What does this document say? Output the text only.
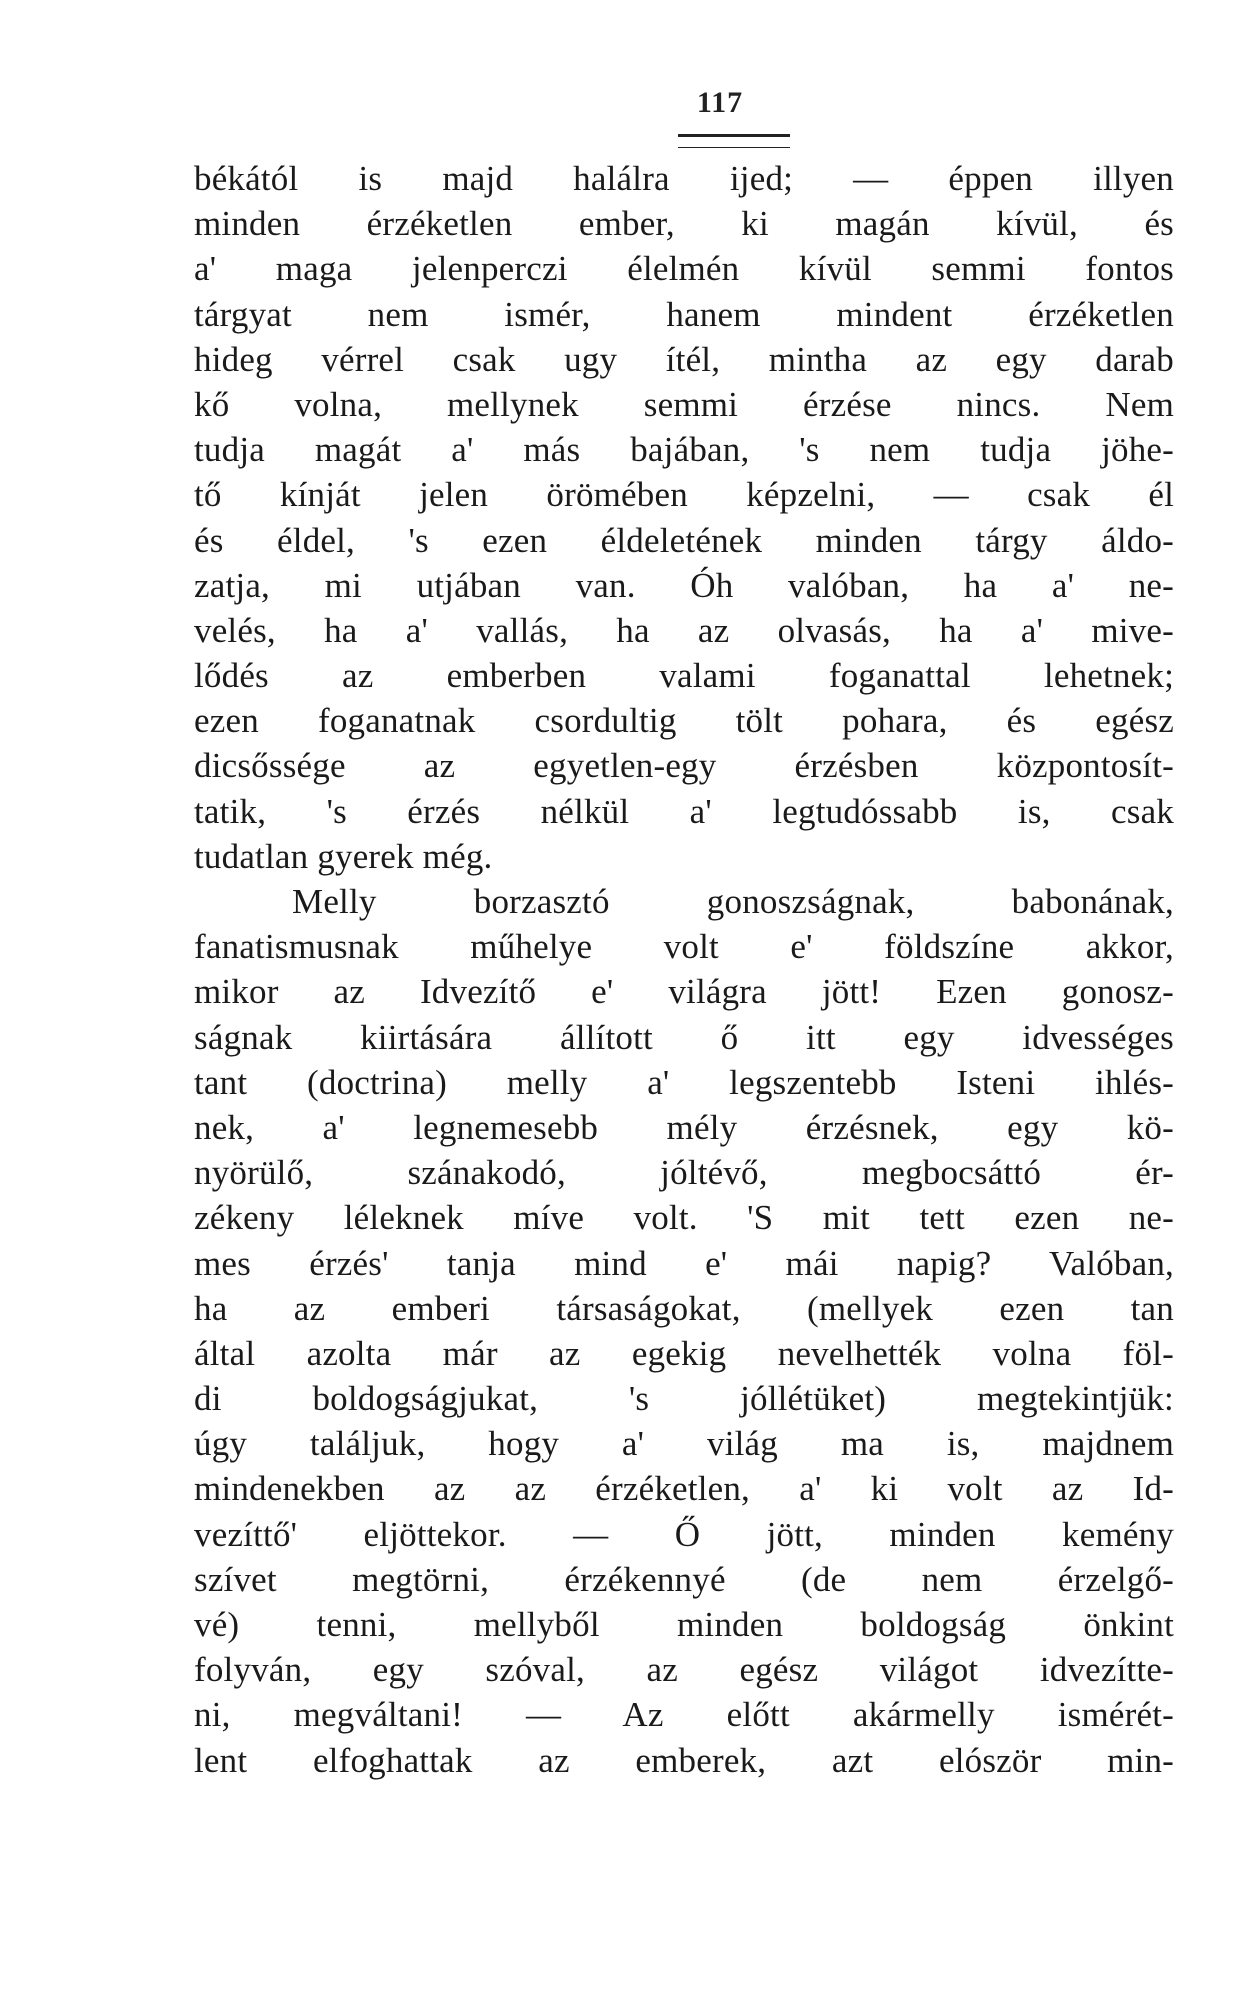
117
békától is majd halálra ijed; — éppen illyen
minden érzéketlen ember, ki magán kívül, és
a' maga jelenperczi élelmén kívül semmi fontos
tárgyat nem ismér, hanem mindent érzéketlen
hideg vérrel csak ugy ítél, mintha az egy darab
kő volna, mellynek semmi érzése nincs. Nem
tudja magát a' más bajában, 's nem tudja jöhe-
tő kínját jelen örömében képzelni, — csak él
és éldel, 's ezen éldeletének minden tárgy áldo-
zatja, mi utjában van. Óh valóban, ha a' ne-
velés, ha a' vallás, ha az olvasás, ha a' mive-
lődés az emberben valami foganattal lehetnek;
ezen foganatnak csordultig tölt pohara, és egész
dicsőssége az egyetlen-egy érzésben központosít-
tatik, 's érzés nélkül a' legtudóssabb is, csak
tudatlan gyerek még.
Melly borzasztó gonoszságnak, babonának,
fanatismusnak műhelye volt e' földszíne akkor,
mikor az Idvezítő e' világra jött! Ezen gonosz-
ságnak kiirtására állított ő itt egy idvességes
tant (doctrina) melly a' legszentebb Isteni ihlés-
nek, a' legnemesebb mély érzésnek, egy kö-
nyörülő, szánakodó, jóltévő, megbocsáttó ér-
zékeny léleknek míve volt. 'S mit tett ezen ne-
mes érzés' tanja mind e' mái napig? Valóban,
ha az emberi társaságokat, (mellyek ezen tan
által azolta már az egekig nevelhették volna föl-
di boldogságjukat, 's jóllétüket) megtekintjük:
úgy találjuk, hogy a' világ ma is, majdnem
mindenekben az az érzéketlen, a' ki volt az Id-
vezíttő' eljöttekor. — Ő jött, minden kemény
szívet megtörni, érzékennyé (de nem érzelgő-
vé) tenni, mellyből minden boldogság önkint
folyván, egy szóval, az egész világot idvezítte-
ni, megváltani! — Az előtt akármelly ismérét-
lent elfoghattak az emberek, azt elóször min-
